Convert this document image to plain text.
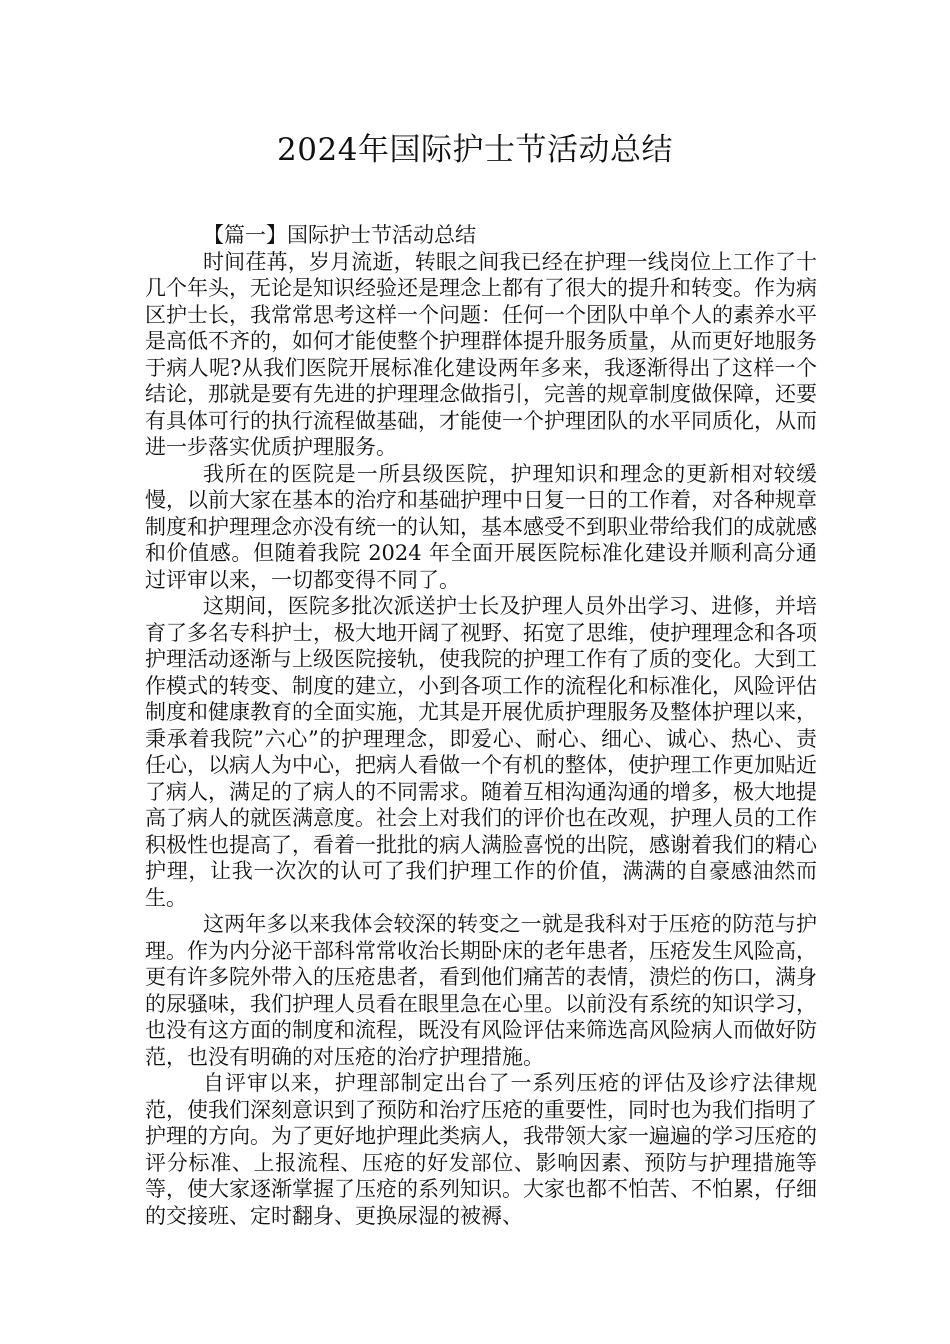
2024年国际护士节活动总结

【篇一】国际护士节活动总结

时间荏苒，岁月流逝，转眼之间我已经在护理一线岗位上工作了十几个年头，无论是知识经验还是理念上都有了很大的提升和转变。作为病区护士长，我常常思考这样一个问题：任何一个团队中单个人的素养水平是高低不齐的，如何才能使整个护理群体提升服务质量，从而更好地服务于病人呢?从我们医院开展标准化建设两年多来，我逐渐得出了这样一个结论，那就是要有先进的护理理念做指引，完善的规章制度做保障，还要有具体可行的执行流程做基础，才能使一个护理团队的水平同质化，从而进一步落实优质护理服务。

我所在的医院是一所县级医院，护理知识和理念的更新相对较缓慢，以前大家在基本的治疗和基础护理中日复一日的工作着，对各种规章制度和护理理念亦没有统一的认知，基本感受不到职业带给我们的成就感和价值感。但随着我院 2024 年全面开展医院标准化建设并顺利高分通过评审以来，一切都变得不同了。

这期间，医院多批次派送护士长及护理人员外出学习、进修，并培育了多名专科护士，极大地开阔了视野、拓宽了思维，使护理理念和各项护理活动逐渐与上级医院接轨，使我院的护理工作有了质的变化。大到工作模式的转变、制度的建立，小到各项工作的流程化和标准化，风险评估制度和健康教育的全面实施，尤其是开展优质护理服务及整体护理以来，秉承着我院”六心”的护理理念，即爱心、耐心、细心、诚心、热心、责任心，以病人为中心，把病人看做一个有机的整体，使护理工作更加贴近了病人，满足的了病人的不同需求。随着互相沟通沟通的增多，极大地提高了病人的就医满意度。社会上对我们的评价也在改观，护理人员的工作积极性也提高了，看着一批批的病人满脸喜悦的出院，感谢着我们的精心护理，让我一次次的认可了我们护理工作的价值，满满的自豪感油然而生。

这两年多以来我体会较深的转变之一就是我科对于压疮的防范与护理。作为内分泌干部科常常收治长期卧床的老年患者，压疮发生风险高，更有许多院外带入的压疮患者，看到他们痛苦的表情，溃烂的伤口，满身的尿骚味，我们护理人员看在眼里急在心里。以前没有系统的知识学习，也没有这方面的制度和流程，既没有风险评估来筛选高风险病人而做好防范，也没有明确的对压疮的治疗护理措施。

自评审以来，护理部制定出台了一系列压疮的评估及诊疗法律规范，使我们深刻意识到了预防和治疗压疮的重要性，同时也为我们指明了护理的方向。为了更好地护理此类病人，我带领大家一遍遍的学习压疮的评分标准、上报流程、压疮的好发部位、影响因素、预防与护理措施等等，使大家逐渐掌握了压疮的系列知识。大家也都不怕苦、不怕累，仔细的交接班、定时翻身、更换尿湿的被褥、
